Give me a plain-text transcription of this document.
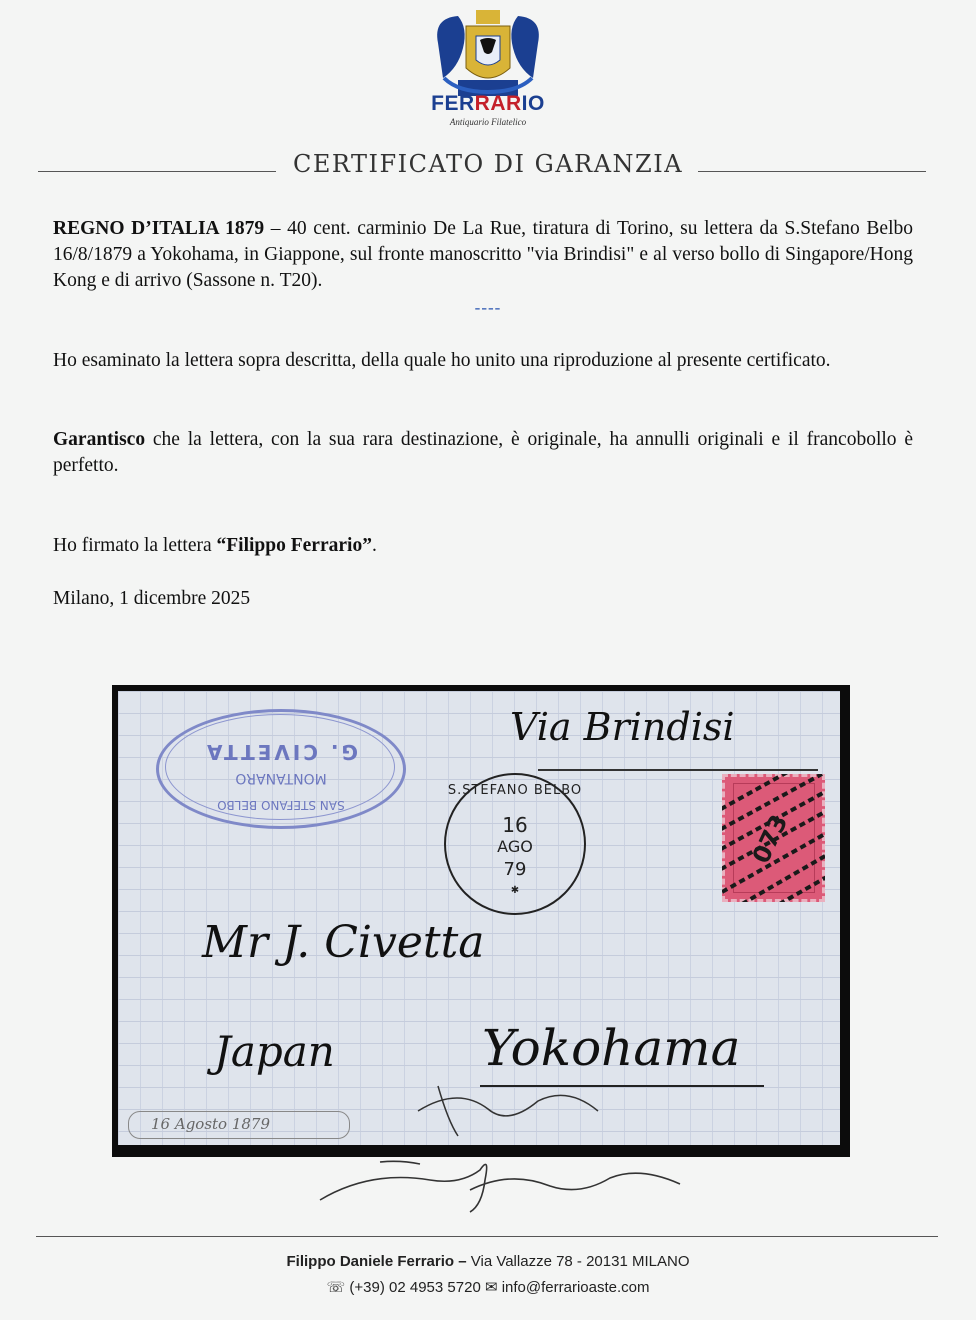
FERRARIO
Antiquario Filatelico
CERTIFICATO DI GARANZIA
REGNO D’ITALIA 1879 – 40 cent. carminio De La Rue, tiratura di Torino, su lettera da S.Stefano Belbo 16/8/1879 a Yokohama, in Giappone, sul fronte manoscritto "via Brindisi" e al verso bollo di Singapore/Hong Kong e di arrivo (Sassone n. T20).
----
Ho esaminato la lettera sopra descritta, della quale ho unito una riproduzione al presente certificato.
Garantisco che la lettera, con la sua rara destinazione, è originale, ha annulli originali e il francobollo è perfetto.
Ho firmato la lettera “Filippo Ferrario”.
Milano, 1 dicembre 2025
SAN STEFANO BELBO
MONTANARO
G. CIVETTA
Via Brindisi
S.STEFANO BELBO
16
AGO
79
✱
073
Mr J. Civetta
Japan	Yokohama
16 Agosto 1879
Filippo Daniele Ferrario – Via Vallazze 78 - 20131 MILANO
☏ (+39) 02 4953 5720 ✉ info@ferrarioaste.com
